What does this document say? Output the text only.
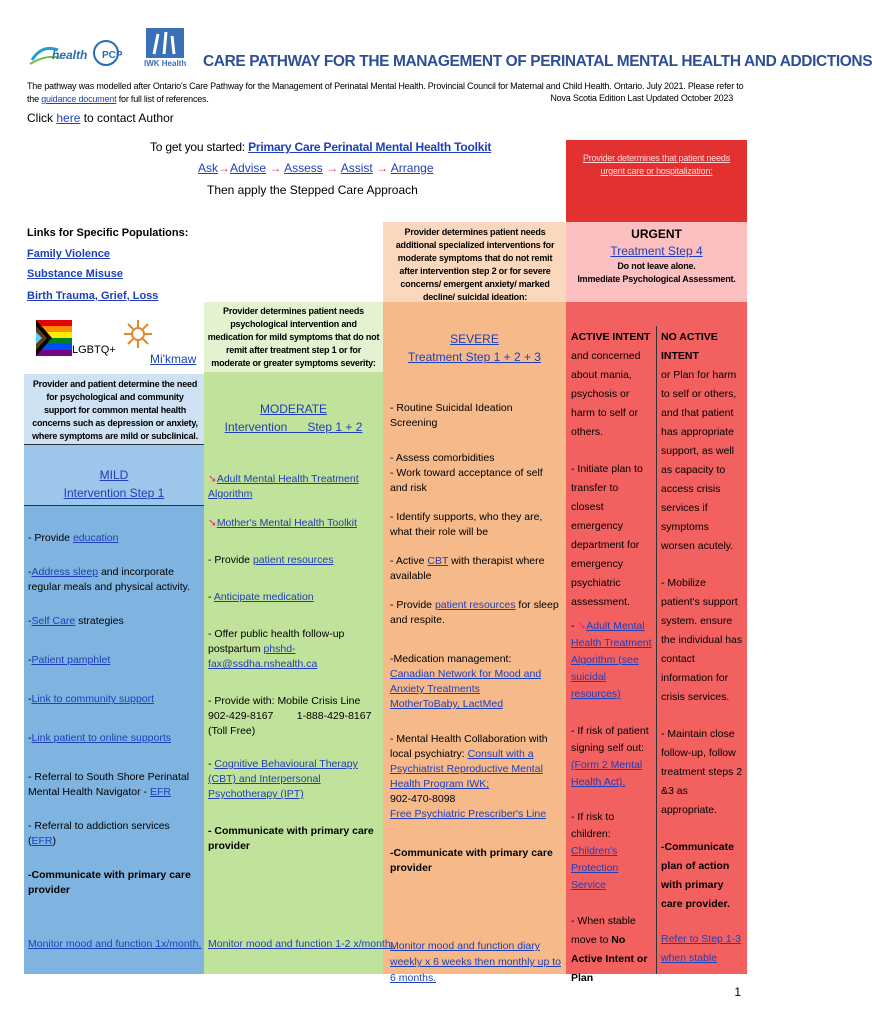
health PCP
IWK Health CARE PATHWAY FOR THE MANAGEMENT OF PERINATAL MENTAL HEALTH AND ADDICTIONS
The pathway was modelled after Ontario's Care Pathway for the Management of Perinatal Mental Health. Provincial Council for Maternal and Child Health. Ontario. July 2021. Please refer to the guidance document for full list of references.	Nova Scotia Edition Last Updated October 2023
Click here to contact Author
To get you started: Primary Care Perinatal Mental Health Toolkit
Ask→Advise → Assess → Assist → Arrange
Then apply the Stepped Care Approach
Links for Specific Populations:
Family Violence
Substance Misuse
Birth Trauma, Grief, Loss
LGBTQ+
Mi'kmaw
Provider and patient determine the need for psychological and community support for common mental health concerns such as depression or anxiety, where symptoms are mild or subclinical.
MILD
Intervention Step 1
- Provide education
-Address sleep and incorporate regular meals and physical activity.
-Self Care strategies
-Patient pamphlet
-Link to community support
-Link patient to online supports
- Referral to South Shore Perinatal Mental Health Navigator - EFR
- Referral to addiction services (EFR)
-Communicate with primary care provider
Monitor mood and function 1x/month.
Provider determines patient needs psychological intervention and medication for mild symptoms that do not remit after treatment step 1 or for moderate or greater symptoms severity:
MODERATE
Intervention      Step 1 + 2
➘Adult Mental Health Treatment Algorithm
➘Mother's Mental Health Toolkit
- Provide patient resources
- Anticipate medication
- Offer public health follow-up postpartum phshd-fax@ssdha.nshealth.ca
- Provide with: Mobile Crisis Line 902-429-8167        1-888-429-8167 (Toll Free)
- Cognitive Behavioural Therapy (CBT) and Interpersonal Psychotherapy (IPT)
- Communicate with primary care provider
Monitor mood and function 1-2 x/month.
Provider determines patient needs additional specialized interventions for moderate symptoms that do not remit after intervention step 2 or for severe concerns/ emergent anxiety/ marked decline/ suicidal ideation:
SEVERE
Treatment Step 1 + 2 + 3
- Routine Suicidal Ideation Screening
- Assess comorbidities
- Work toward acceptance of self and risk
- Identify supports, who they are, what their role will be
- Active CBT with therapist where available
- Provide patient resources for sleep and respite.
-Medication management:
Canadian Network for Mood and Anxiety Treatments
MotherToBaby, LactMed
- Mental Health Collaboration with local psychiatry: Consult with a Psychiatrist Reproductive Mental Health Program IWK;
902-470-8098
Free Psychiatric Prescriber's Line
-Communicate with primary care provider
Monitor mood and function diary weekly x 6 weeks then monthly up to 6 months.
Provider determines that patient needs urgent care or hospitalization:
URGENT
Treatment Step 4
Do not leave alone.
Immediate Psychological Assessment.
ACTIVE INTENT
and concerned about mania, psychosis or harm to self or others.
- Initiate plan to transfer to closest emergency department for emergency psychiatric assessment.
- ➘Adult Mental Health Treatment Algorithm (see suicidal resources)
- If risk of patient signing self out: (Form 2 Mental Health Act).
- If risk to children: Children's Protection Service
- When stable move to No Active Intent or Plan
NO ACTIVE INTENT
or Plan for harm to self or others, and that patient has appropriate support, as well as capacity to access crisis services if symptoms worsen acutely.
- Mobilize patient's support system. ensure the individual has contact information for crisis services.
- Maintain close follow-up, follow treatment steps 2 &3 as appropriate.
-Communicate plan of action with primary care provider.
Refer to Step 1-3 when stable
1
